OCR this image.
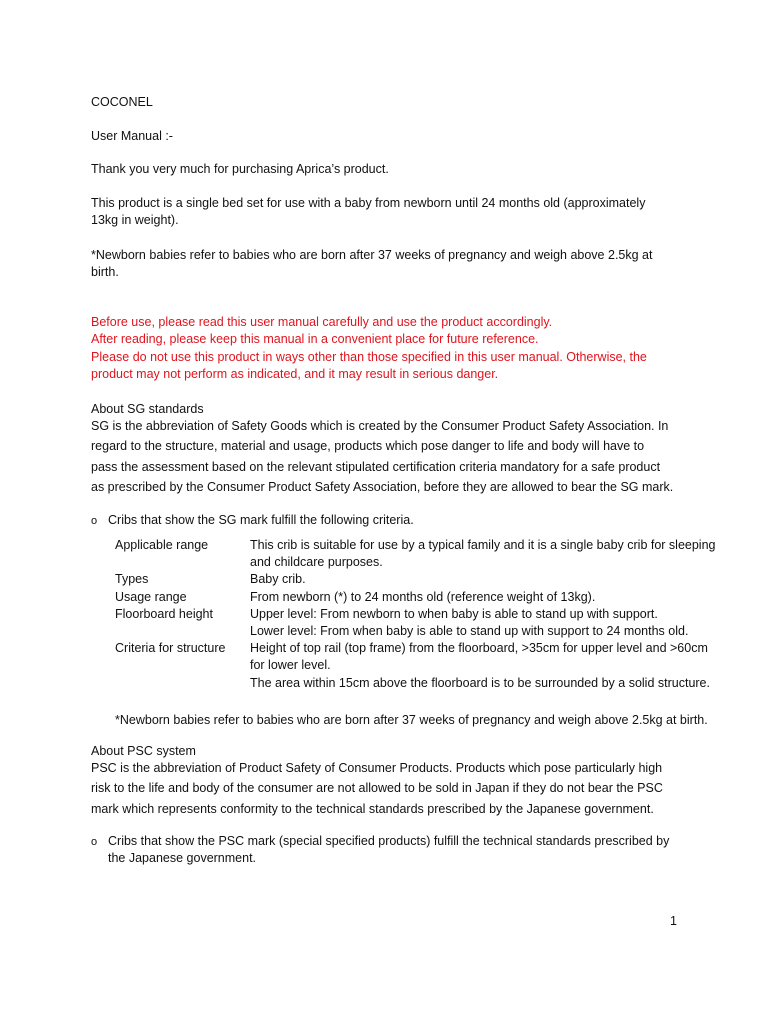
COCONEL
User Manual :-
Thank you very much for purchasing Aprica’s product.
This product is a single bed set for use with a baby from newborn until 24 months old (approximately
13kg in weight).
*Newborn babies refer to babies who are born after 37 weeks of pregnancy and weigh above 2.5kg at
birth.
Before use, please read this user manual carefully and use the product accordingly.
After reading, please keep this manual in a convenient place for future reference.
Please do not use this product in ways other than those specified in this user manual. Otherwise, the
product may not perform as indicated, and it may result in serious danger.
About SG standards
SG is the abbreviation of Safety Goods which is created by the Consumer Product Safety Association. In
regard to the structure, material and usage, products which pose danger to life and body will have to
pass the assessment based on the relevant stipulated certification criteria mandatory for a safe product
as prescribed by the Consumer Product Safety Association, before they are allowed to bear the SG mark.
o Cribs that show the SG mark fulfill the following criteria.
Applicable range	This crib is suitable for use by a typical family and it is a single baby crib for sleeping
and childcare purposes.

Types	Baby crib.
Usage range	From newborn (*) to 24 months old (reference weight of 13kg).
Floorboard height	Upper level: From newborn to when baby is able to stand up with support.
Lower level: From when baby is able to stand up with support to 24 months old.

Criteria for structure	Height of top rail (top frame) from the floorboard, >35cm for upper level and >60cm
for lower level.
The area within 15cm above the floorboard is to be surrounded by a solid structure.
*Newborn babies refer to babies who are born after 37 weeks of pregnancy and weigh above 2.5kg at birth.
About PSC system
PSC is the abbreviation of Product Safety of Consumer Products. Products which pose particularly high
risk to the life and body of the consumer are not allowed to be sold in Japan if they do not bear the PSC
mark which represents conformity to the technical standards prescribed by the Japanese government.
o Cribs that show the PSC mark (special specified products) fulfill the technical standards prescribed by
the Japanese government.
1
